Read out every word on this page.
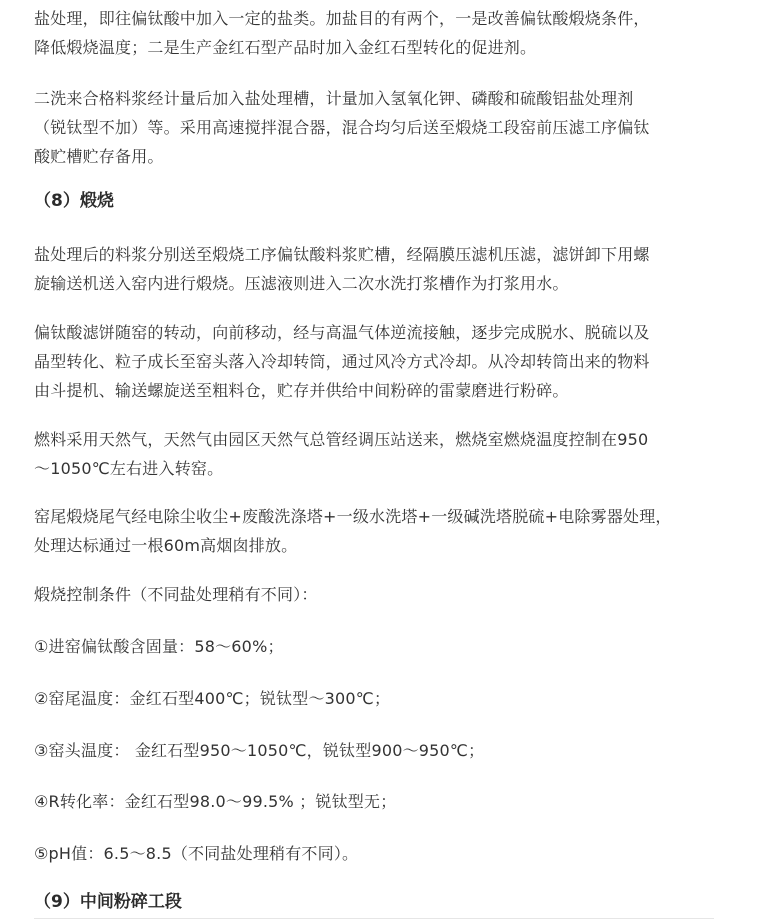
盐处理，即往偏钛酸中加入一定的盐类。加盐目的有两个，一是改善偏钛酸煅烧条件，
降低煅烧温度；二是生产金红石型产品时加入金红石型转化的促进剂。

二洗来合格料浆经计量后加入盐处理槽，计量加入氢氧化钾、磷酸和硫酸铝盐处理剂
（锐钛型不加）等。采用高速搅拌混合器，混合均匀后送至煅烧工段窑前压滤工序偏钛
酸贮槽贮存备用。

（8）煅烧

盐处理后的料浆分别送至煅烧工序偏钛酸料浆贮槽，经隔膜压滤机压滤，滤饼卸下用螺
旋输送机送入窑内进行煅烧。压滤液则进入二次水洗打浆槽作为打浆用水。

偏钛酸滤饼随窑的转动，向前移动，经与高温气体逆流接触，逐步完成脱水、脱硫以及
晶型转化、粒子成长至窑头落入冷却转筒，通过风冷方式冷却。从冷却转筒出来的物料
由斗提机、输送螺旋送至粗料仓，贮存并供给中间粉碎的雷蒙磨进行粉碎。

燃料采用天然气，天然气由园区天然气总管经调压站送来，燃烧室燃烧温度控制在950
～1050℃左右进入转窑。

窑尾煅烧尾气经电除尘收尘+废酸洗涤塔+一级水洗塔+一级碱洗塔脱硫+电除雾器处理，
处理达标通过一根60m高烟囱排放。

煅烧控制条件（不同盐处理稍有不同）：

①进窑偏钛酸含固量：58～60%；

②窑尾温度：金红石型400℃；锐钛型～300℃；

③窑头温度： 金红石型950～1050℃，锐钛型900～950℃；

④R转化率：金红石型98.0～99.5% ；锐钛型无；

⑤pH值：6.5～8.5（不同盐处理稍有不同）。

（9）中间粉碎工段
